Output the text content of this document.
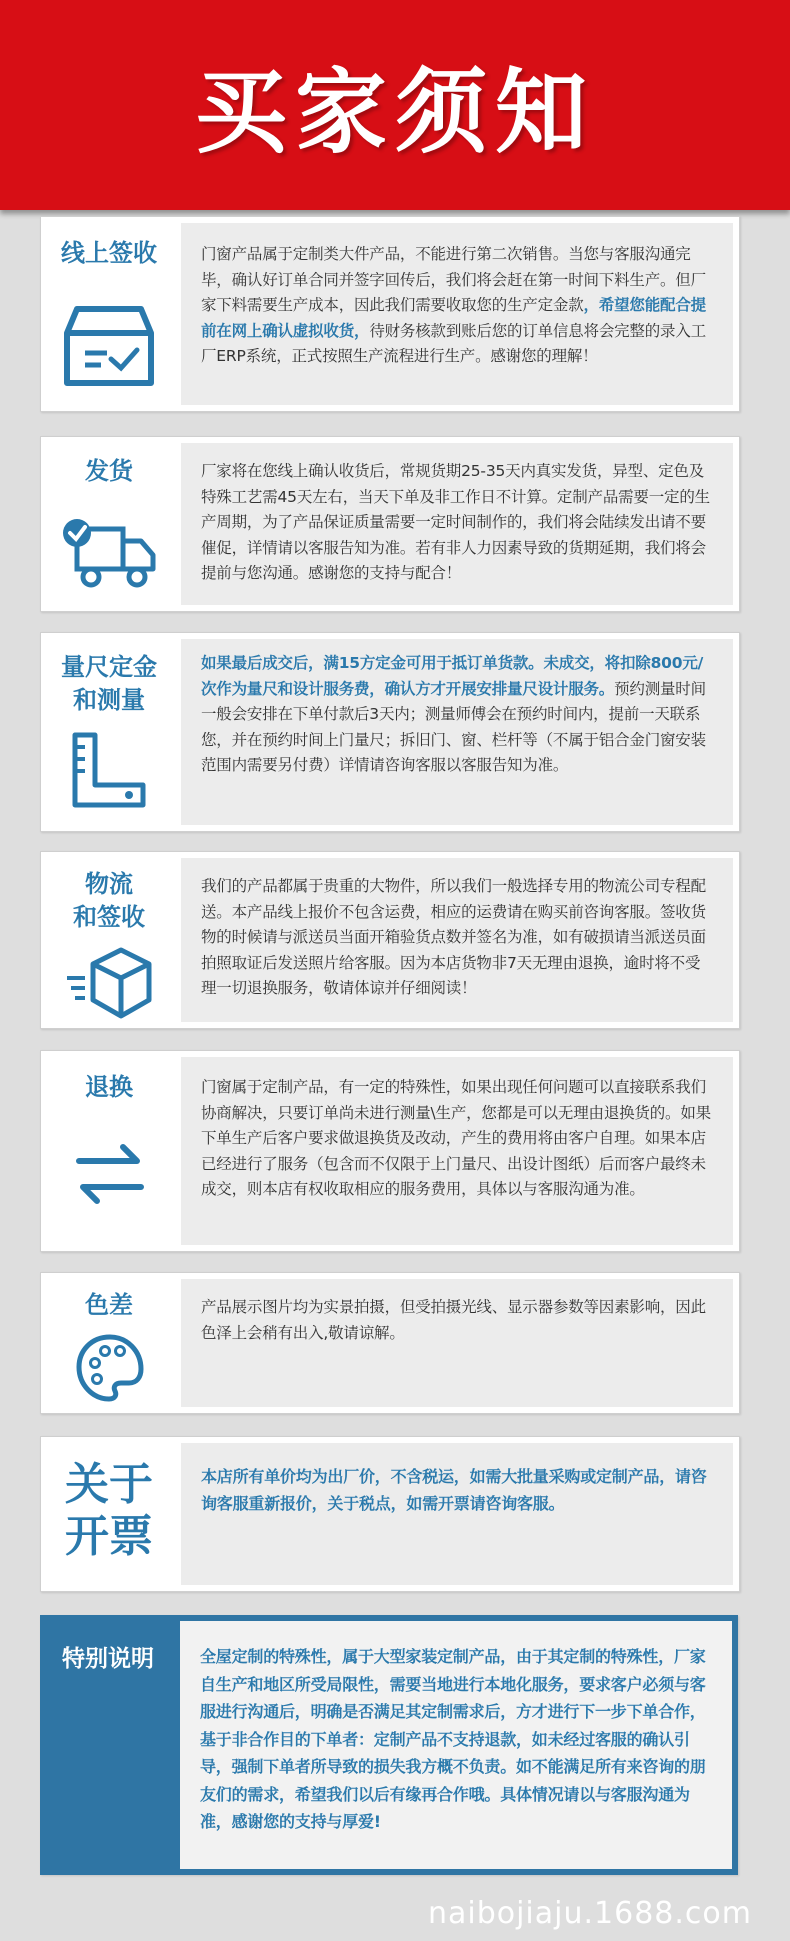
买家须知
线上签收	门窗产品属于定制类大件产品，不能进行第二次销售。当您与客服沟通完毕，确认好订单合同并签字回传后，我们将会赶在第一时间下料生产。但厂家下料需要生产成本，因此我们需要收取您的生产定金款，希望您能配合提前在网上确认虚拟收货，待财务核款到账后您的订单信息将会完整的录入工厂ERP系统，正式按照生产流程进行生产。感谢您的理解！
发货	厂家将在您线上确认收货后，常规货期25-35天内真实发货，异型、定色及特殊工艺需45天左右，当天下单及非工作日不计算。定制产品需要一定的生产周期，为了产品保证质量需要一定时间制作的，我们将会陆续发出请不要催促，详情请以客服告知为准。若有非人力因素导致的货期延期，我们将会提前与您沟通。感谢您的支持与配合！
量尺定金
和测量
如果最后成交后，满15方定金可用于抵订单货款。未成交，将扣除800元/次作为量尺和设计服务费，确认方才开展安排量尺设计服务。预约测量时间一般会安排在下单付款后3天内；测量师傅会在预约时间内，提前一天联系您，并在预约时间上门量尺；拆旧门、窗、栏杆等（不属于铝合金门窗安装范围内需要另付费）详情请咨询客服以客服告知为准。
物流
和签收
我们的产品都属于贵重的大物件，所以我们一般选择专用的物流公司专程配送。本产品线上报价不包含运费，相应的运费请在购买前咨询客服。签收货物的时候请与派送员当面开箱验货点数并签名为准，如有破损请当派送员面拍照取证后发送照片给客服。因为本店货物非7天无理由退换，逾时将不受理一切退换服务，敬请体谅并仔细阅读！
退换	门窗属于定制产品，有一定的特殊性，如果出现任何问题可以直接联系我们协商解决，只要订单尚未进行测量\生产，您都是可以无理由退换货的。如果下单生产后客户要求做退换货及改动，产生的费用将由客户自理。如果本店已经进行了服务（包含而不仅限于上门量尺、出设计图纸）后而客户最终未成交，则本店有权收取相应的服务费用，具体以与客服沟通为准。
色差	产品展示图片均为实景拍摄，但受拍摄光线、显示器参数等因素影响，因此色泽上会稍有出入,敬请谅解。
关于
开票
本店所有单价均为出厂价，不含税运，如需大批量采购或定制产品，请咨询客服重新报价，关于税点，如需开票请咨询客服。
特别说明	全屋定制的特殊性，属于大型家装定制产品，由于其定制的特殊性，厂家自生产和地区所受局限性，需要当地进行本地化服务，要求客户必须与客服进行沟通后，明确是否满足其定制需求后，方才进行下一步下单合作，基于非合作目的下单者：定制产品不支持退款，如未经过客服的确认引导，强制下单者所导致的损失我方概不负责。如不能满足所有来咨询的朋友们的需求，希望我们以后有缘再合作哦。具体情况请以与客服沟通为准，感谢您的支持与厚爱!
naibojiaju.1688.com
